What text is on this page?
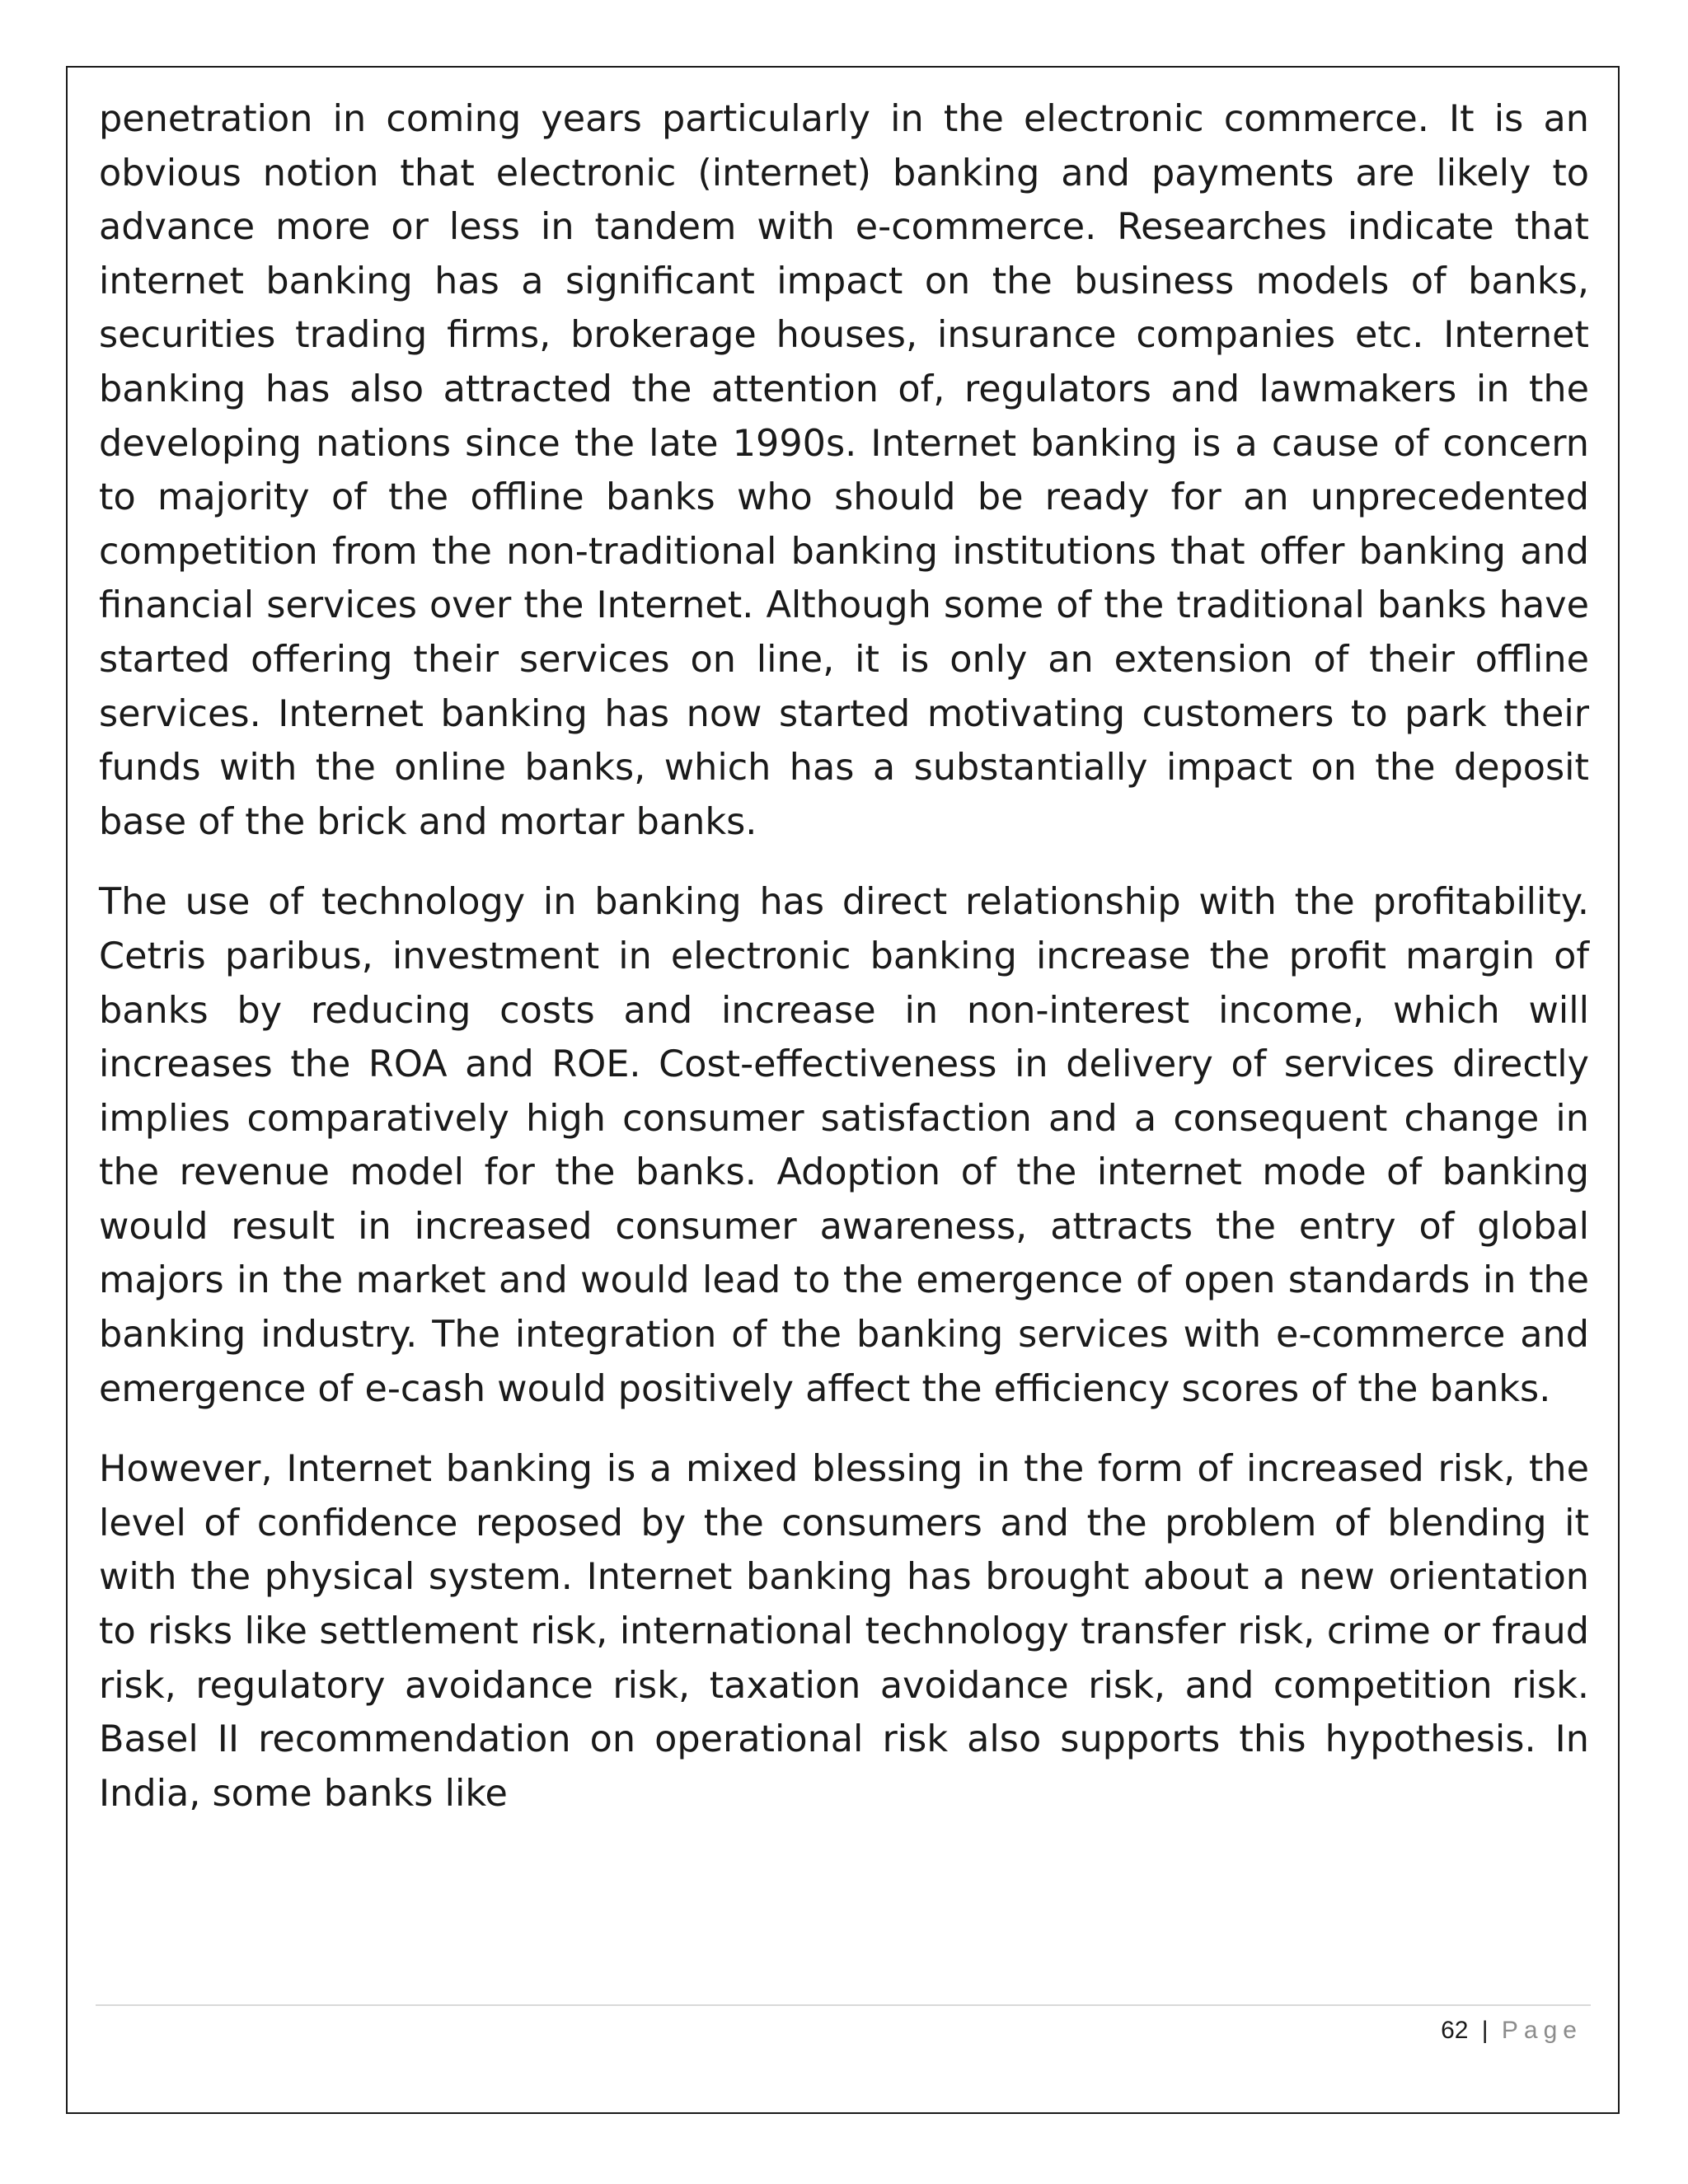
penetration in coming years particularly in the electronic commerce. It is an obvious notion that electronic (internet) banking and payments are likely to advance more or less in tandem with e-commerce. Researches indicate that internet banking has a significant impact on the business models of banks, securities trading firms, brokerage houses, insurance companies etc. Internet banking has also attracted the attention of, regulators and lawmakers in the developing nations since the late 1990s. Internet banking is a cause of concern to majority of the offline banks who should be ready for an unprecedented competition from the non-traditional banking institutions that offer banking and financial services over the Internet. Although some of the traditional banks have started offering their services on line, it is only an extension of their offline services. Internet banking has now started motivating customers to park their funds with the online banks, which has a substantially impact on the deposit base of the brick and mortar banks.

The use of technology in banking has direct relationship with the profitability. Cetris paribus, investment in electronic banking increase the profit margin of banks by reducing costs and increase in non-interest income, which will increases the ROA and ROE. Cost-effectiveness in delivery of services directly implies comparatively high consumer satisfaction and a consequent change in the revenue model for the banks. Adoption of the internet mode of banking would result in increased consumer awareness, attracts the entry of global majors in the market and would lead to the emergence of open standards in the banking industry. The integration of the banking services with e-commerce and emergence of e-cash would positively affect the efficiency scores of the banks.

However, Internet banking is a mixed blessing in the form of increased risk, the level of confidence reposed by the consumers and the problem of blending it with the physical system. Internet banking has brought about a new orientation to risks like settlement risk, international technology transfer risk, crime or fraud risk, regulatory avoidance risk, taxation avoidance risk, and competition risk. Basel II recommendation on operational risk also supports this hypothesis. In India, some banks like

62 | Page
